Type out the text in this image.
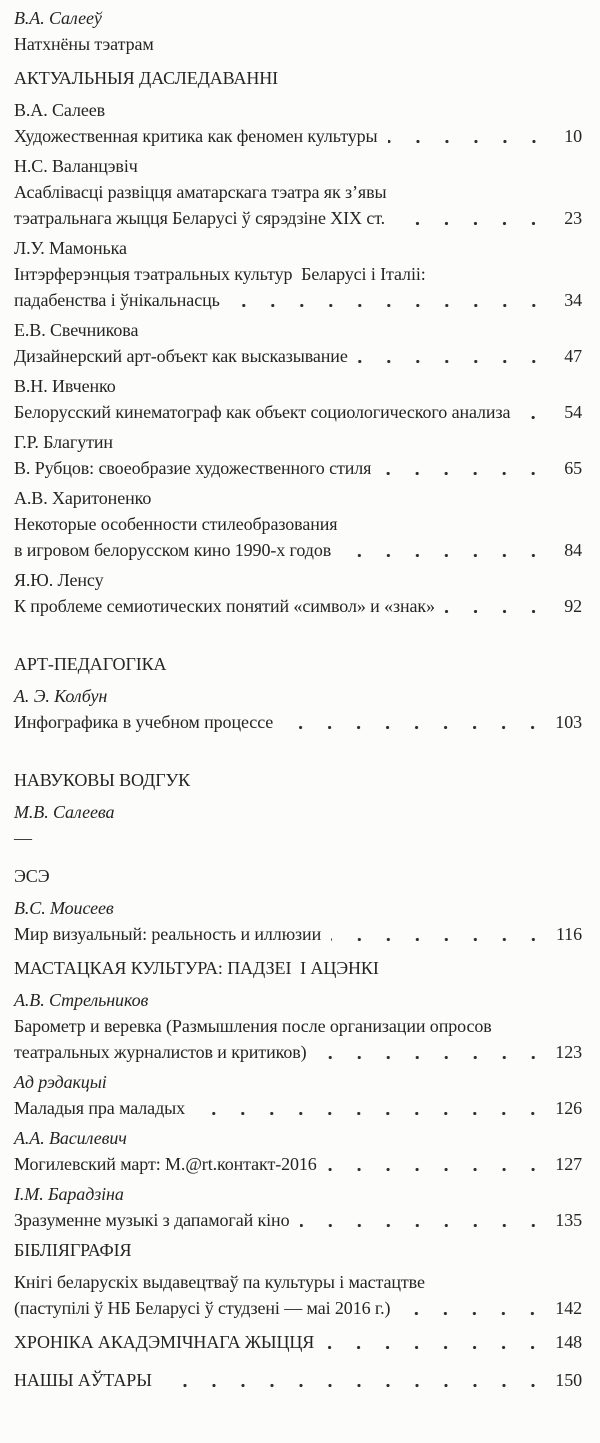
В.А. Салееў
Натхнёны тэатрам
АКТУАЛЬНЫЯ ДАСЛЕДАВАННІ
В.А. Салеев
Художественная критика как феномен культуры	10
Н.С. Валанцэвіч
Асаблівасці развіцця аматарскага тэатра як з’явы
тэатральнага жыцця Беларусі ў сярэдзіне XIX ст.	23
Л.У. Мамонька
Інтэрферэнцыя тэатральных культур  Беларусі і Італіі:
падабенства і ўнікальнасць	34
Е.В. Свечникова
Дизайнерский арт-объект как высказывание	47
В.Н. Ивченко
Белорусский кинематограф как объект социологического анализа	54
Г.Р. Благутин
В. Рубцов: своеобразие художественного стиля	65
А.В. Харитоненко
Некоторые особенности стилеобразования
в игровом белорусском кино 1990-х годов	84
Я.Ю. Ленсу
К проблеме семиотических понятий «символ» и «знак»	92
АРТ-ПЕДАГОГІКА
А. Э. Колбун
Инфографика в учебном процессе	103
НАВУКОВЫ ВОДГУК
М.В. Салеева
—
ЭСЭ
В.С. Моисеев
Мир визуальный: реальность и иллюзии	116
МАСТАЦКАЯ КУЛЬТУРА: ПАДЗЕІ  І АЦЭНКІ
А.В. Стрельников
Барометр и веревка (Размышления после организации опросов
театральных журналистов и критиков)	123
Ад рэдакцыі
Маладыя пра маладых	126
А.А. Василевич
Могилевский март: М.@rt.контакт-2016	127
І.М. Барадзіна
Зразуменне музыкі з дапамогай кіно	135
БІБЛІЯГРАФІЯ
Кнігі беларускіх выдавецтваў па культуры і мастацтве
(паступілі ў НБ Беларусі ў студзені — маі 2016 г.)	142
ХРОНІКА АКАДЭМІЧНАГА ЖЫЦЦЯ	148
НАШЫ АЎТАРЫ	150
